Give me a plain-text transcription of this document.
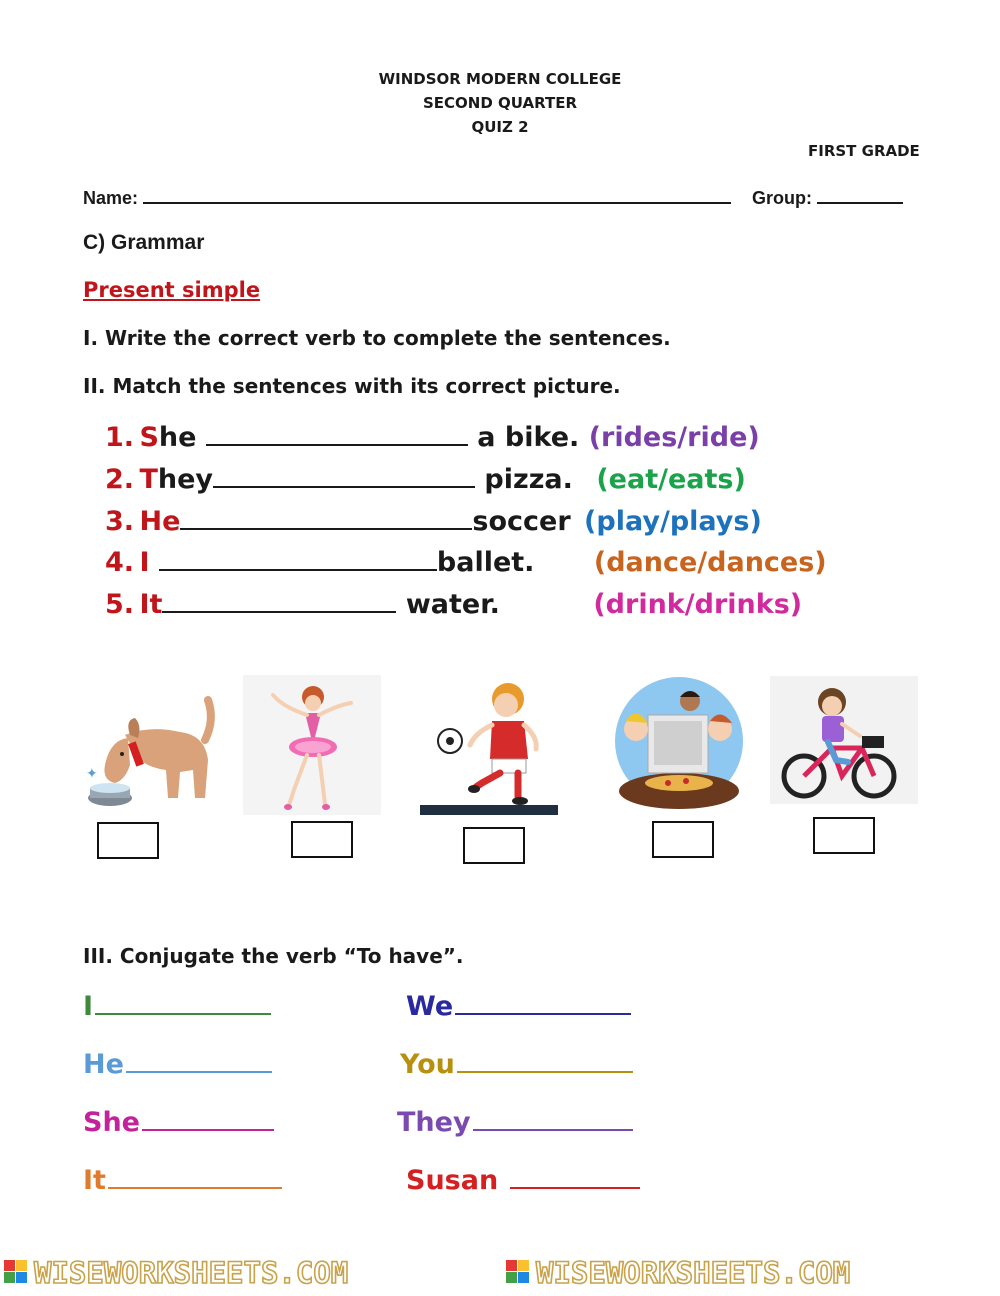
WINDSOR MODERN COLLEGE
SECOND QUARTER
QUIZ 2
FIRST GRADE
Name:	Group:
C) Grammar
Present simple
I. Write the correct verb to complete the sentences.
II. Match the sentences with its correct picture.
1. She	a bike. (rides/ride)
2. They	pizza. (eat/eats)
3. He	soccer (play/plays)
4. I	ballet. (dance/dances)
5. It	water.	(drink/drinks)
✦
III. Conjugate the verb “To have”.
I	We
He	You
She	They
It	Susan
WISEWORKSHEETS.COM	WISEWORKSHEETS.COM
